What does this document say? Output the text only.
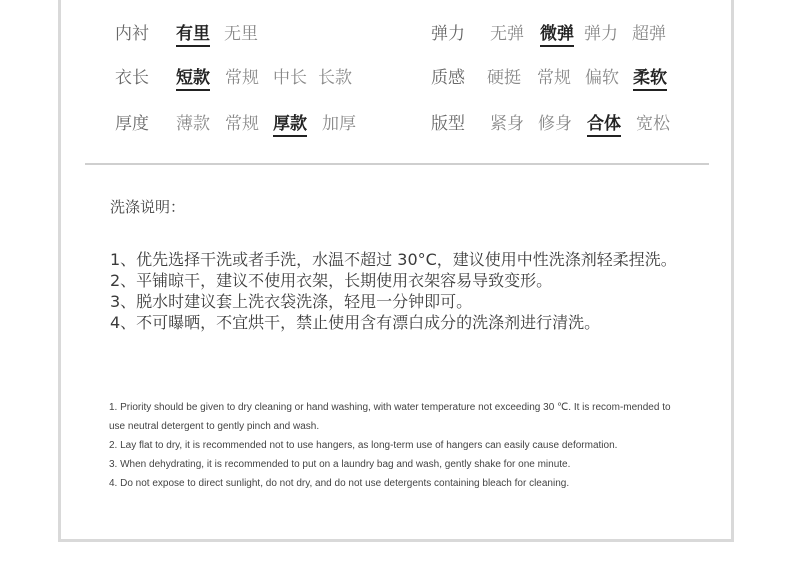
内衬 有里 无里
衣长 短款 常规 中长 长款
厚度 薄款 常规 厚款 加厚
弹力 无弹 微弹 弹力 超弹
质感 硬挺 常规 偏软 柔软
版型 紧身 修身 合体 宽松
洗涤说明：

1、优先选择干洗或者手洗，水温不超过 30°C，建议使用中性洗涤剂轻柔捏洗。

2、平铺晾干，建议不使用衣架，长期使用衣架容易导致变形。

3、脱水时建议套上洗衣袋洗涤，轻甩一分钟即可。

4、不可曝晒，不宜烘干，禁止使用含有漂白成分的洗涤剂进行清洗。

1. Priority should be given to dry cleaning or hand washing, with water temperature not exceeding 30 ℃. It is recom-mended to use neutral detergent to gently pinch and wash.

2. Lay flat to dry, it is recommended not to use hangers, as long-term use of hangers can easily cause deformation.

3. When dehydrating, it is recommended to put on a laundry bag and wash, gently shake for one minute.

4. Do not expose to direct sunlight, do not dry, and do not use detergents containing bleach for cleaning.
